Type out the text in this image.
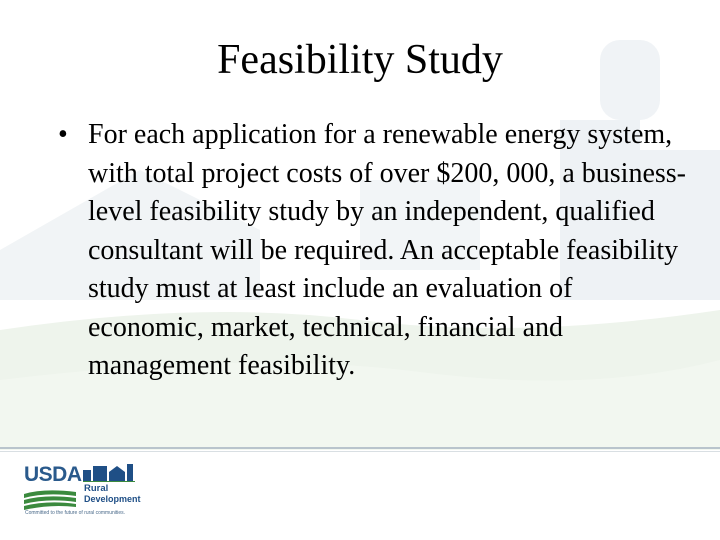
Feasibility Study
• For each application for a renewable energy system, with total project costs of over $200, 000, a business-level feasibility study by an independent, qualified consultant will be required. An acceptable feasibility study must at least include an evaluation of economic, market, technical, financial and management feasibility.
USDA
Rural
Development
Committed to the future of rural communities.
